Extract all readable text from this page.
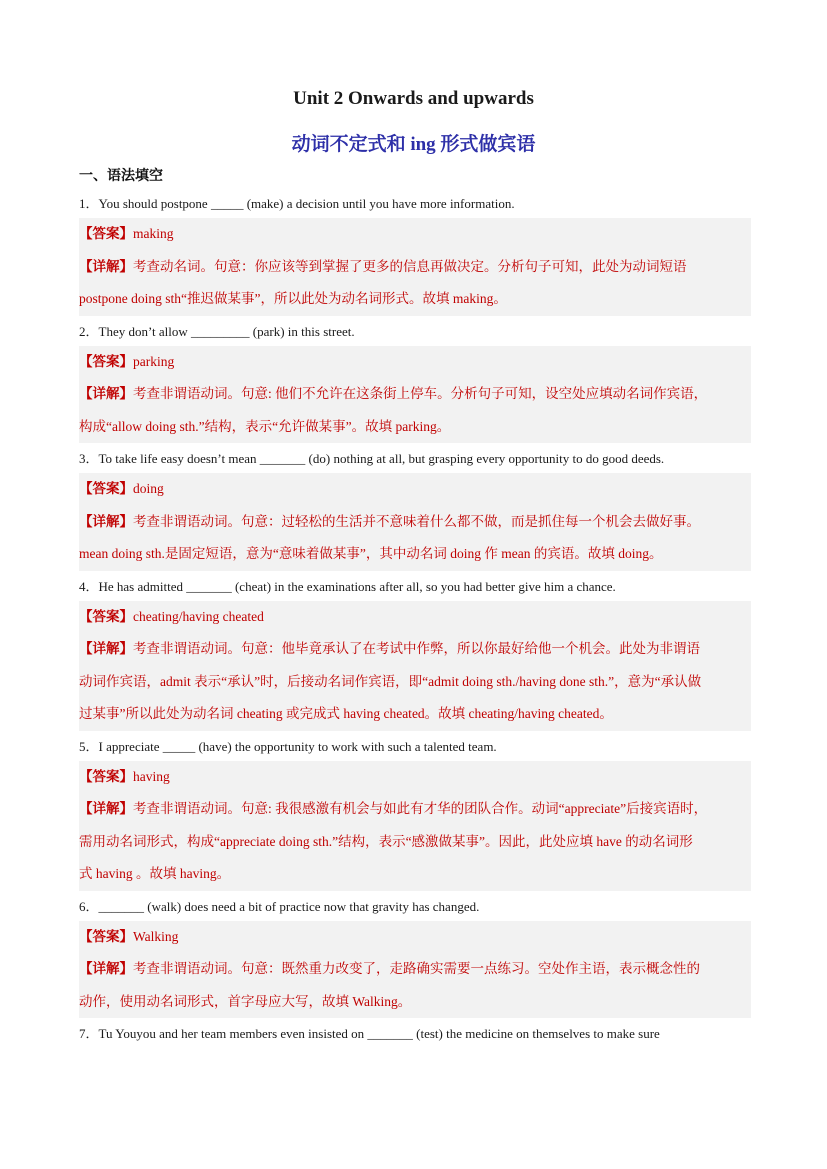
Unit 2 Onwards and upwards
动词不定式和 ing 形式做宾语
一、语法填空
1．You should postpone _____ (make) a decision until you have more information.
【答案】making
【详解】考查动名词。句意：你应该等到掌握了更多的信息再做决定。分析句子可知，此处为动词短语
postpone doing sth“推迟做某事”，所以此处为动名词形式。故填 making。
2．They don’t allow _________ (park) in this street.
【答案】parking
【详解】考查非谓语动词。句意: 他们不允许在这条街上停车。分析句子可知，设空处应填动名词作宾语，
构成“allow doing sth.”结构，表示“允许做某事”。故填 parking。
3．To take life easy doesn’t mean _______ (do) nothing at all, but grasping every opportunity to do good deeds.
【答案】doing
【详解】考查非谓语动词。句意：过轻松的生活并不意味着什么都不做，而是抓住每一个机会去做好事。
mean doing sth.是固定短语，意为“意味着做某事”，其中动名词 doing 作 mean 的宾语。故填 doing。
4．He has admitted _______ (cheat) in the examinations after all, so you had better give him a chance.
【答案】cheating/having cheated
【详解】考查非谓语动词。句意：他毕竟承认了在考试中作弊，所以你最好给他一个机会。此处为非谓语
动词作宾语，admit 表示“承认”时，后接动名词作宾语，即“admit doing sth./having done sth.”，意为“承认做
过某事”所以此处为动名词 cheating 或完成式 having cheated。故填 cheating/having cheated。
5．I appreciate _____ (have) the opportunity to work with such a talented team.
【答案】having
【详解】考查非谓语动词。句意: 我很感激有机会与如此有才华的团队合作。动词“appreciate”后接宾语时，
需用动名词形式，构成“appreciate doing sth.”结构，表示“感激做某事”。因此，此处应填 have 的动名词形
式 having 。故填 having。
6．_______ (walk) does need a bit of practice now that gravity has changed.
【答案】Walking
【详解】考查非谓语动词。句意：既然重力改变了，走路确实需要一点练习。空处作主语，表示概念性的
动作，使用动名词形式，首字母应大写，故填 Walking。
7．Tu Youyou and her team members even insisted on _______ (test) the medicine on themselves to make sure
